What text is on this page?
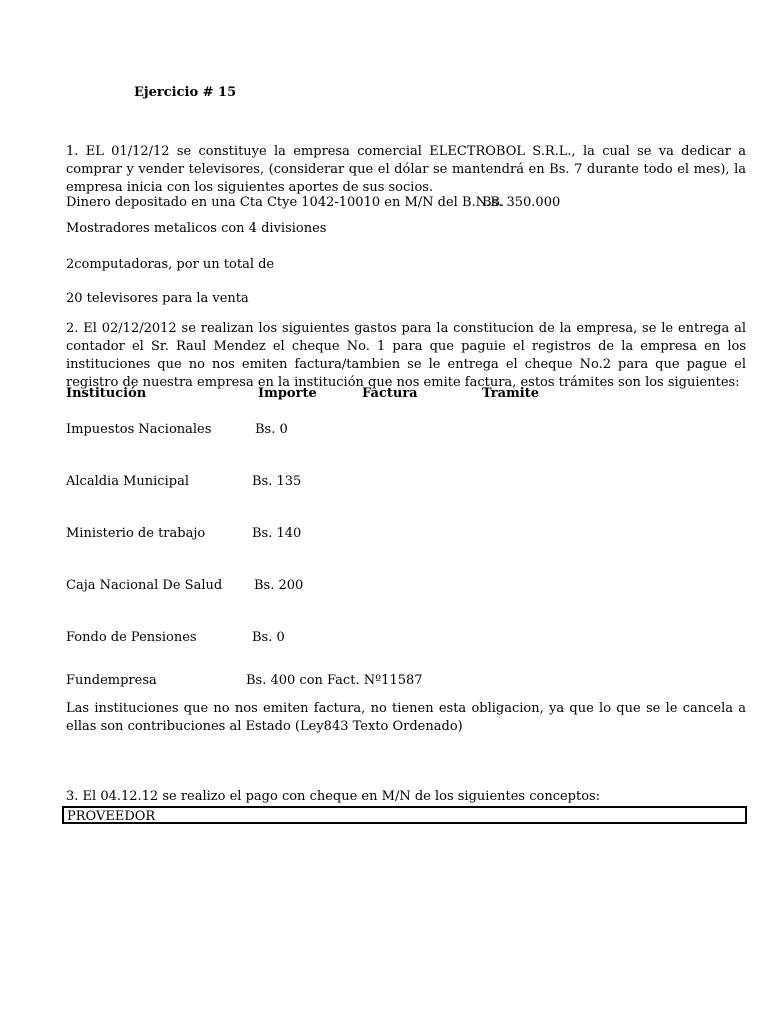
Ejercicio # 15
1. EL 01/12/12 se constituye la empresa comercial ELECTROBOL S.R.L., la cual se va dedicar a comprar y vender televisores, (considerar que el dólar se mantendrá en Bs. 7 durante todo el mes), la empresa inicia con los siguientes aportes de sus socios.
Dinero depositado en una Cta Ctye 1042-10010 en M/N del B.N.B.
Bs. 350.000
Mostradores metalicos con 4 divisiones
2computadoras, por un total de
20 televisores para la venta
2. El 02/12/2012 se realizan los siguientes gastos para la constitucion de la empresa, se le entrega al contador el Sr. Raul Mendez el cheque No. 1 para que paguie el registros de la empresa en los instituciones que no nos emiten factura/tambien se le entrega el cheque No.2 para que pague el registro de nuestra empresa en la institución que nos emite factura, estos trámites son los siguientes:
Institución	Importe	Factura	Tramite
Impuestos Nacionales	Bs. 0
Alcaldia Municipal	Bs. 135
Ministerio de trabajo	Bs. 140
Caja Nacional De Salud Bs. 200
Fondo de Pensiones	Bs. 0
Fundempresa	Bs. 400 con Fact. Nº11587
Las instituciones que no nos emiten factura, no tienen esta obligacion, ya que lo que se le cancela a ellas son contribuciones al Estado (Ley843 Texto Ordenado)
3. El 04.12.12 se realizo el pago con cheque en M/N de los siguientes conceptos:
PROVEEDOR
